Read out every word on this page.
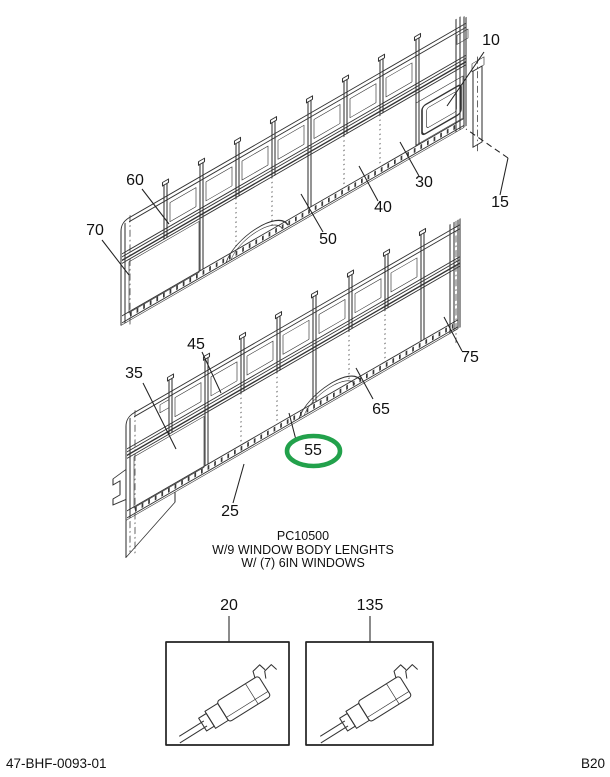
10
15
30
40
50
60
70
35
45
25
55
65
75
20	135
PC10500
W/9 WINDOW BODY LENGHTS
W/ (7) 6IN WINDOWS
47-BHF-0093-01	B20
